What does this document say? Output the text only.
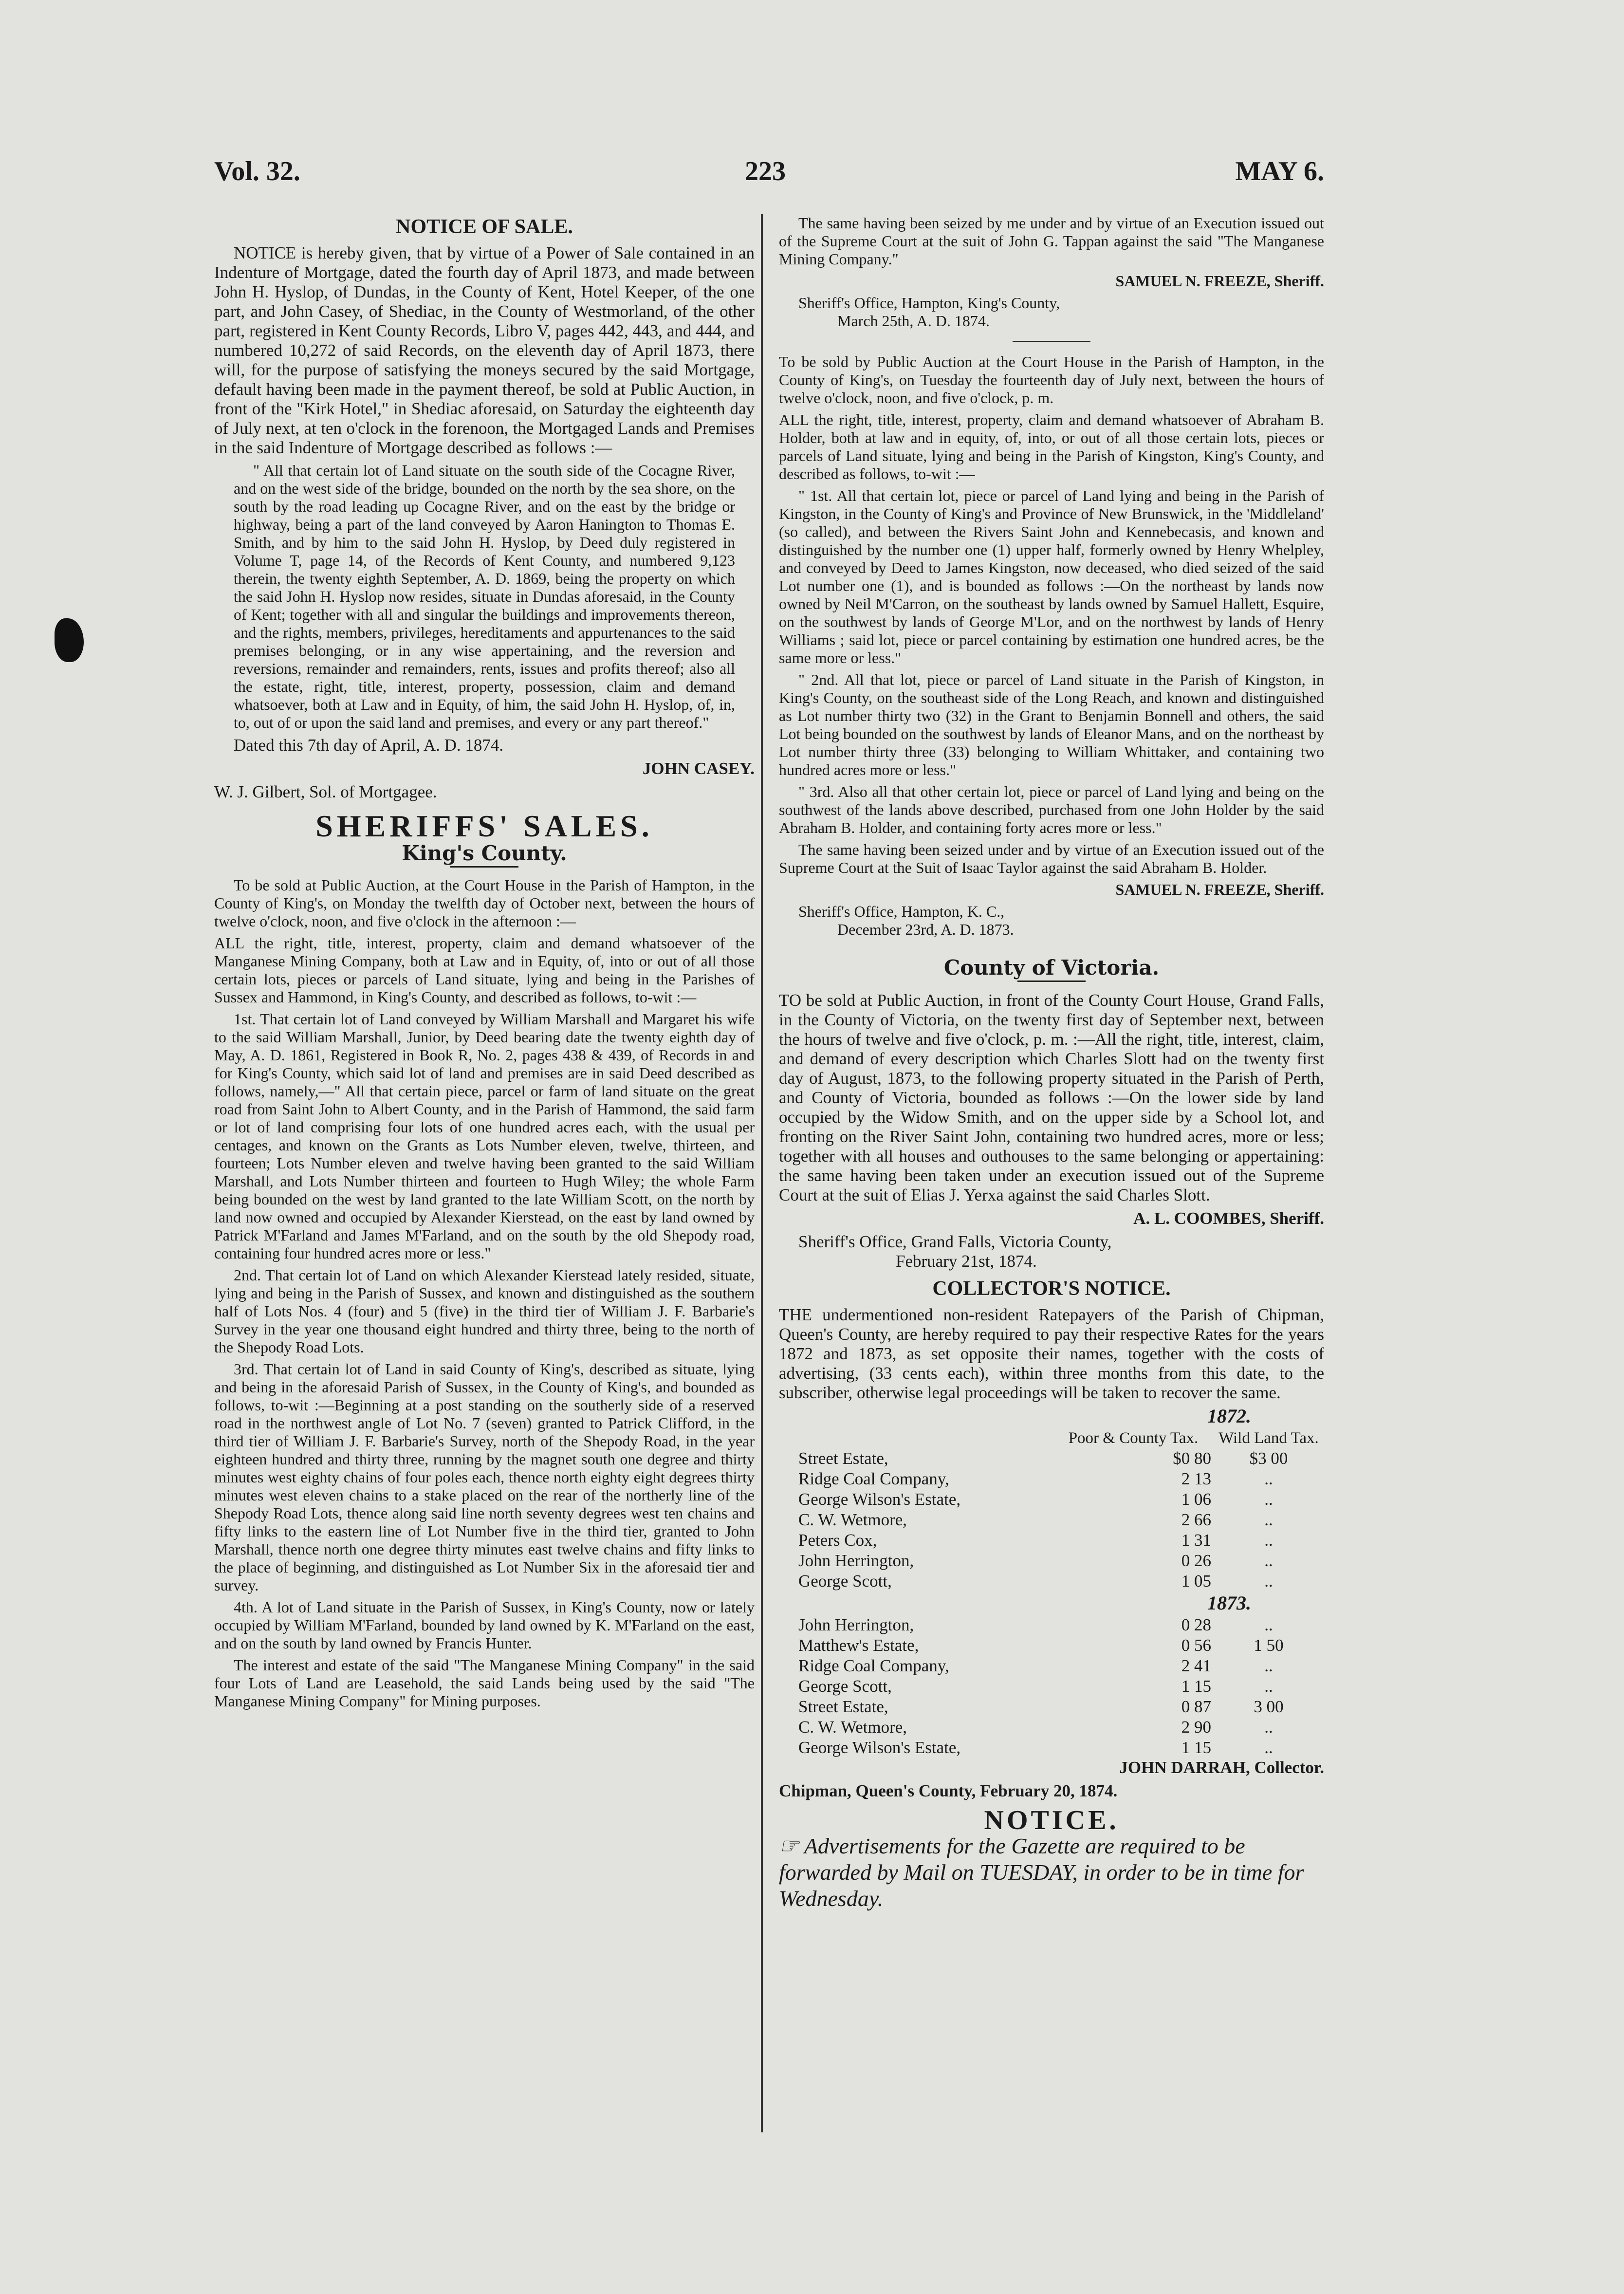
Vol. 32.	223	MAY 6.
NOTICE OF SALE.

NOTICE is hereby given, that by virtue of a Power of Sale contained in an Indenture of Mortgage, dated the fourth day of April 1873, and made between John H. Hyslop, of Dundas, in the County of Kent, Hotel Keeper, of the one part, and John Casey, of Shediac, in the County of Westmorland, of the other part, registered in Kent County Records, Libro V, pages 442, 443, and 444, and numbered 10,272 of said Records, on the eleventh day of April 1873, there will, for the purpose of satisfying the moneys secured by the said Mortgage, default having been made in the payment thereof, be sold at Public Auction, in front of the "Kirk Hotel," in Shediac aforesaid, on Saturday the eighteenth day of July next, at ten o'clock in the forenoon, the Mortgaged Lands and Premises in the said Indenture of Mortgage described as follows :—

" All that certain lot of Land situate on the south side of the Cocagne River, and on the west side of the bridge, bounded on the north by the sea shore, on the south by the road leading up Cocagne River, and on the east by the bridge or highway, being a part of the land conveyed by Aaron Hanington to Thomas E. Smith, and by him to the said John H. Hyslop, by Deed duly registered in Volume T, page 14, of the Records of Kent County, and numbered 9,123 therein, the twenty eighth September, A. D. 1869, being the property on which the said John H. Hyslop now resides, situate in Dundas aforesaid, in the County of Kent; together with all and singular the buildings and improvements thereon, and the rights, members, privileges, hereditaments and appurtenances to the said premises belonging, or in any wise appertaining, and the reversion and reversions, remainder and remainders, rents, issues and profits thereof; also all the estate, right, title, interest, property, possession, claim and demand whatsoever, both at Law and in Equity, of him, the said John H. Hyslop, of, in, to, out of or upon the said land and premises, and every or any part thereof."

Dated this 7th day of April, A. D. 1874.

JOHN CASEY.

W. J. Gilbert, Sol. of Mortgagee.

SHERIFFS' SALES.
King's County.

To be sold at Public Auction, at the Court House in the Parish of Hampton, in the County of King's, on Monday the twelfth day of October next, between the hours of twelve o'clock, noon, and five o'clock in the afternoon :—

ALL the right, title, interest, property, claim and demand whatsoever of the Manganese Mining Company, both at Law and in Equity, of, into or out of all those certain lots, pieces or parcels of Land situate, lying and being in the Parishes of Sussex and Hammond, in King's County, and described as follows, to-wit :—

1st. That certain lot of Land conveyed by William Marshall and Margaret his wife to the said William Marshall, Junior, by Deed bearing date the twenty eighth day of May, A. D. 1861, Registered in Book R, No. 2, pages 438 & 439, of Records in and for King's County, which said lot of land and premises are in said Deed described as follows, namely,—" All that certain piece, parcel or farm of land situate on the great road from Saint John to Albert County, and in the Parish of Hammond, the said farm or lot of land comprising four lots of one hundred acres each, with the usual per centages, and known on the Grants as Lots Number eleven, twelve, thirteen, and fourteen; Lots Number eleven and twelve having been granted to the said William Marshall, and Lots Number thirteen and fourteen to Hugh Wiley; the whole Farm being bounded on the west by land granted to the late William Scott, on the north by land now owned and occupied by Alexander Kierstead, on the east by land owned by Patrick M'Farland and James M'Farland, and on the south by the old Shepody road, containing four hundred acres more or less."

2nd. That certain lot of Land on which Alexander Kierstead lately resided, situate, lying and being in the Parish of Sussex, and known and distinguished as the southern half of Lots Nos. 4 (four) and 5 (five) in the third tier of William J. F. Barbarie's Survey in the year one thousand eight hundred and thirty three, being to the north of the Shepody Road Lots.

3rd. That certain lot of Land in said County of King's, described as situate, lying and being in the aforesaid Parish of Sussex, in the County of King's, and bounded as follows, to-wit :—Beginning at a post standing on the southerly side of a reserved road in the northwest angle of Lot No. 7 (seven) granted to Patrick Clifford, in the third tier of William J. F. Barbarie's Survey, north of the Shepody Road, in the year eighteen hundred and thirty three, running by the magnet south one degree and thirty minutes west eighty chains of four poles each, thence north eighty eight degrees thirty minutes west eleven chains to a stake placed on the rear of the northerly line of the Shepody Road Lots, thence along said line north seventy degrees west ten chains and fifty links to the eastern line of Lot Number five in the third tier, granted to John Marshall, thence north one degree thirty minutes east twelve chains and fifty links to the place of beginning, and distinguished as Lot Number Six in the aforesaid tier and survey.

4th. A lot of Land situate in the Parish of Sussex, in King's County, now or lately occupied by William M'Farland, bounded by land owned by K. M'Farland on the east, and on the south by land owned by Francis Hunter.

The interest and estate of the said "The Manganese Mining Company" in the said four Lots of Land are Leasehold, the said Lands being used by the said "The Manganese Mining Company" for Mining purposes.

The same having been seized by me under and by virtue of an Execution issued out of the Supreme Court at the suit of John G. Tappan against the said "The Manganese Mining Company."

SAMUEL N. FREEZE, Sheriff.

Sheriff's Office, Hampton, King's County,
March 25th, A. D. 1874.

To be sold by Public Auction at the Court House in the Parish of Hampton, in the County of King's, on Tuesday the fourteenth day of July next, between the hours of twelve o'clock, noon, and five o'clock, p. m.

ALL the right, title, interest, property, claim and demand whatsoever of Abraham B. Holder, both at law and in equity, of, into, or out of all those certain lots, pieces or parcels of Land situate, lying and being in the Parish of Kingston, King's County, and described as follows, to-wit :—

" 1st. All that certain lot, piece or parcel of Land lying and being in the Parish of Kingston, in the County of King's and Province of New Brunswick, in the 'Middleland' (so called), and between the Rivers Saint John and Kennebecasis, and known and distinguished by the number one (1) upper half, formerly owned by Henry Whelpley, and conveyed by Deed to James Kingston, now deceased, who died seized of the said Lot number one (1), and is bounded as follows :—On the northeast by lands now owned by Neil M'Carron, on the southeast by lands owned by Samuel Hallett, Esquire, on the southwest by lands of George M'Lor, and on the northwest by lands of Henry Williams ; said lot, piece or parcel containing by estimation one hundred acres, be the same more or less."

" 2nd. All that lot, piece or parcel of Land situate in the Parish of Kingston, in King's County, on the southeast side of the Long Reach, and known and distinguished as Lot number thirty two (32) in the Grant to Benjamin Bonnell and others, the said Lot being bounded on the southwest by lands of Eleanor Mans, and on the northeast by Lot number thirty three (33) belonging to William Whittaker, and containing two hundred acres more or less."

" 3rd. Also all that other certain lot, piece or parcel of Land lying and being on the southwest of the lands above described, purchased from one John Holder by the said Abraham B. Holder, and containing forty acres more or less."

The same having been seized under and by virtue of an Execution issued out of the Supreme Court at the Suit of Isaac Taylor against the said Abraham B. Holder.

SAMUEL N. FREEZE, Sheriff.

Sheriff's Office, Hampton, K. C.,
December 23rd, A. D. 1873.

County of Victoria.

TO be sold at Public Auction, in front of the County Court House, Grand Falls, in the County of Victoria, on the twenty first day of September next, between the hours of twelve and five o'clock, p. m. :—All the right, title, interest, claim, and demand of every description which Charles Slott had on the twenty first day of August, 1873, to the following property situated in the Parish of Perth, and County of Victoria, bounded as follows :—On the lower side by land occupied by the Widow Smith, and on the upper side by a School lot, and fronting on the River Saint John, containing two hundred acres, more or less; together with all houses and outhouses to the same belonging or appertaining: the same having been taken under an execution issued out of the Supreme Court at the suit of Elias J. Yerxa against the said Charles Slott.

A. L. COOMBES, Sheriff.

Sheriff's Office, Grand Falls, Victoria County,
February 21st, 1874.

COLLECTOR'S NOTICE.

THE undermentioned non-resident Ratepayers of the Parish of Chipman, Queen's County, are hereby required to pay their respective Rates for the years 1872 and 1873, as set opposite their names, together with the costs of advertising, (33 cents each), within three months from this date, to the subscriber, otherwise legal proceedings will be taken to recover the same.

1872.
	Poor & County Tax.	Wild Land Tax.
Street Estate,	$0 80	$3 00
Ridge Coal Company,	2 13	..
George Wilson's Estate,	1 06	..
C. W. Wetmore,	2 66	..
Peters Cox,	1 31	..
John Herrington,	0 26	..
George Scott,	1 05	..
1873.
John Herrington,	0 28	..
Matthew's Estate,	0 56	1 50
Ridge Coal Company,	2 41	..
George Scott,	1 15	..
Street Estate,	0 87	3 00
C. W. Wetmore,	2 90	..
George Wilson's Estate,	1 15	..

JOHN DARRAH, Collector.

Chipman, Queen's County, February 20, 1874.

NOTICE.

☞ Advertisements for the Gazette are required to be forwarded by Mail on TUESDAY, in order to be in time for Wednesday.
